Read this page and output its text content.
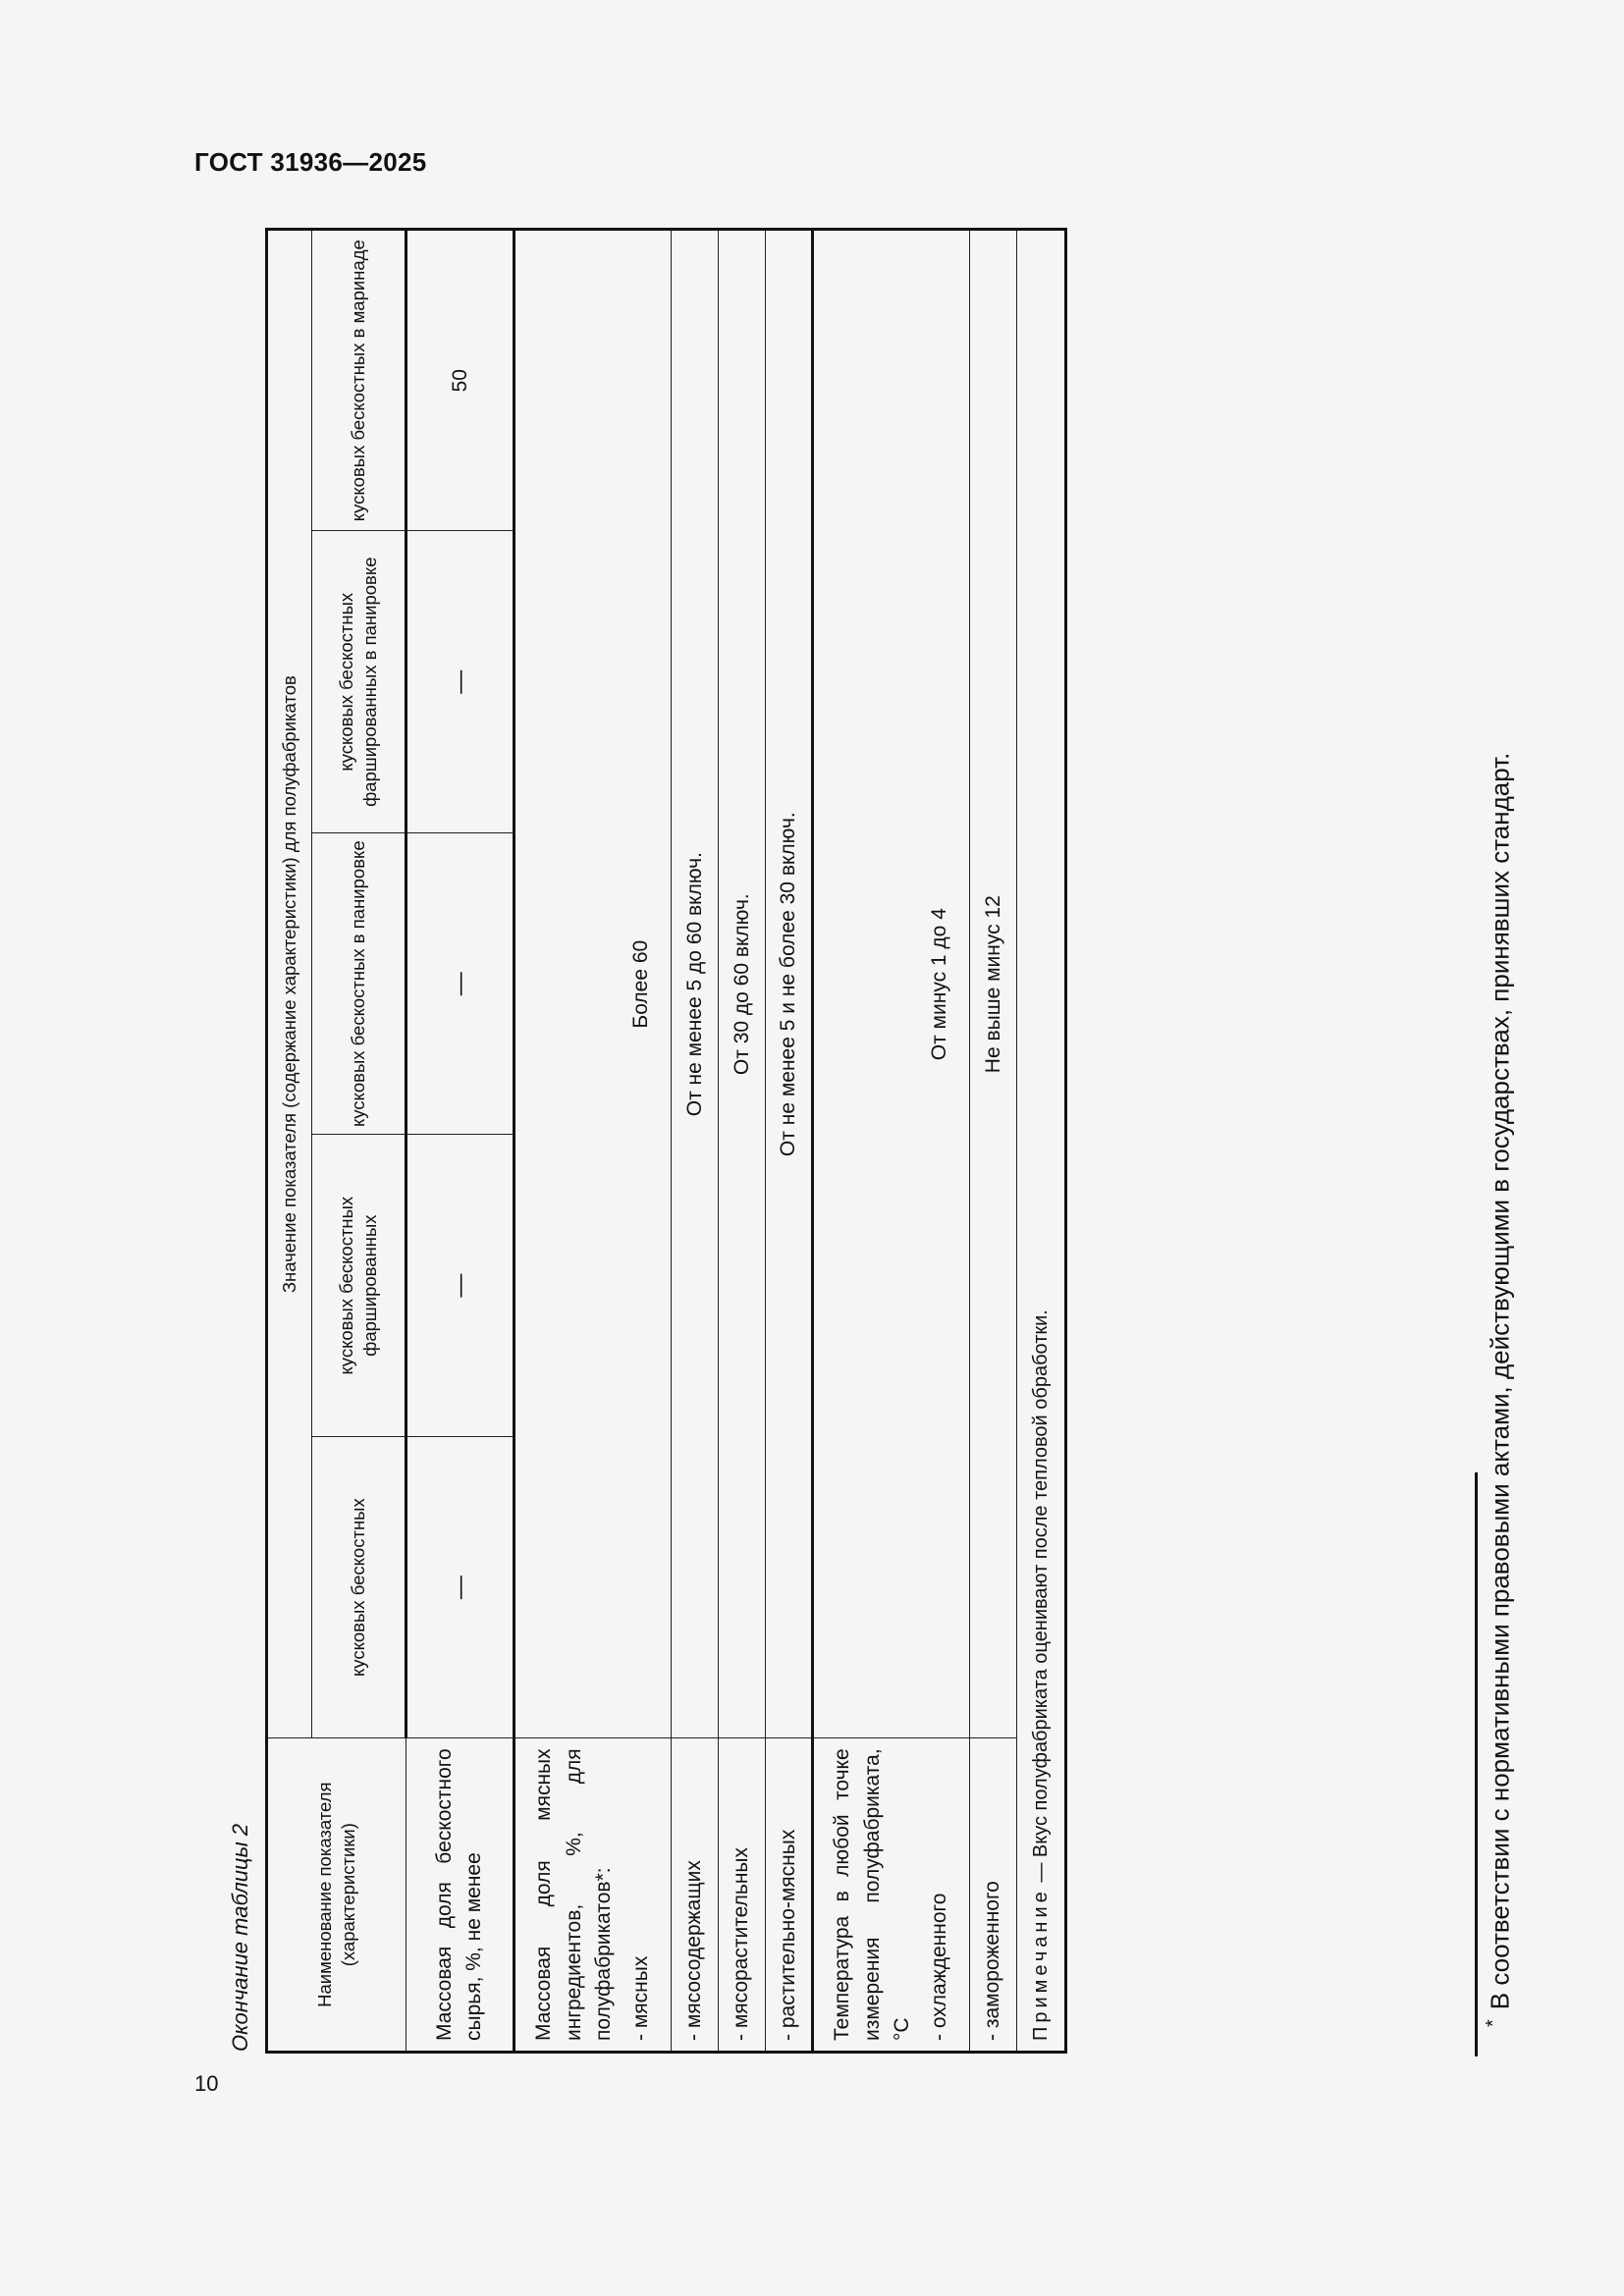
ГОСТ 31936—2025
10
Окончание таблицы 2	Наименование показателя (характеристики)	Значение показателя (содержание характеристики) для полуфабрикатов				
	кусковых бескостных	кусковых бескостных фаршированных	кусковых бескостных в панировке	кусковых бескостных фаршированных в панировке	кусковых бескостных в маринаде
Массовая доля бескостного сырья, %, не менее	—	—	—	—	50

Массовая доля мясных ингредиентов, %, для полуфабрикатов*: - мясных	Более 60				
- мясосодержащих	От не менее 5 до 60 включ.				
- мясорастительных	От 30 до 60 включ.				
- растительно-мясных	От не менее 5 и не более 30 включ.				

Температура в любой точке измерения полуфабриката, °С - охлажденного	От минус 1 до 4				
- замороженного	Не выше минус 12				
Примечание — Вкус полуфабриката оценивают после тепловой обработки.					
*В соответствии с нормативными правовыми актами, действующими в государствах, принявших стандарт.
